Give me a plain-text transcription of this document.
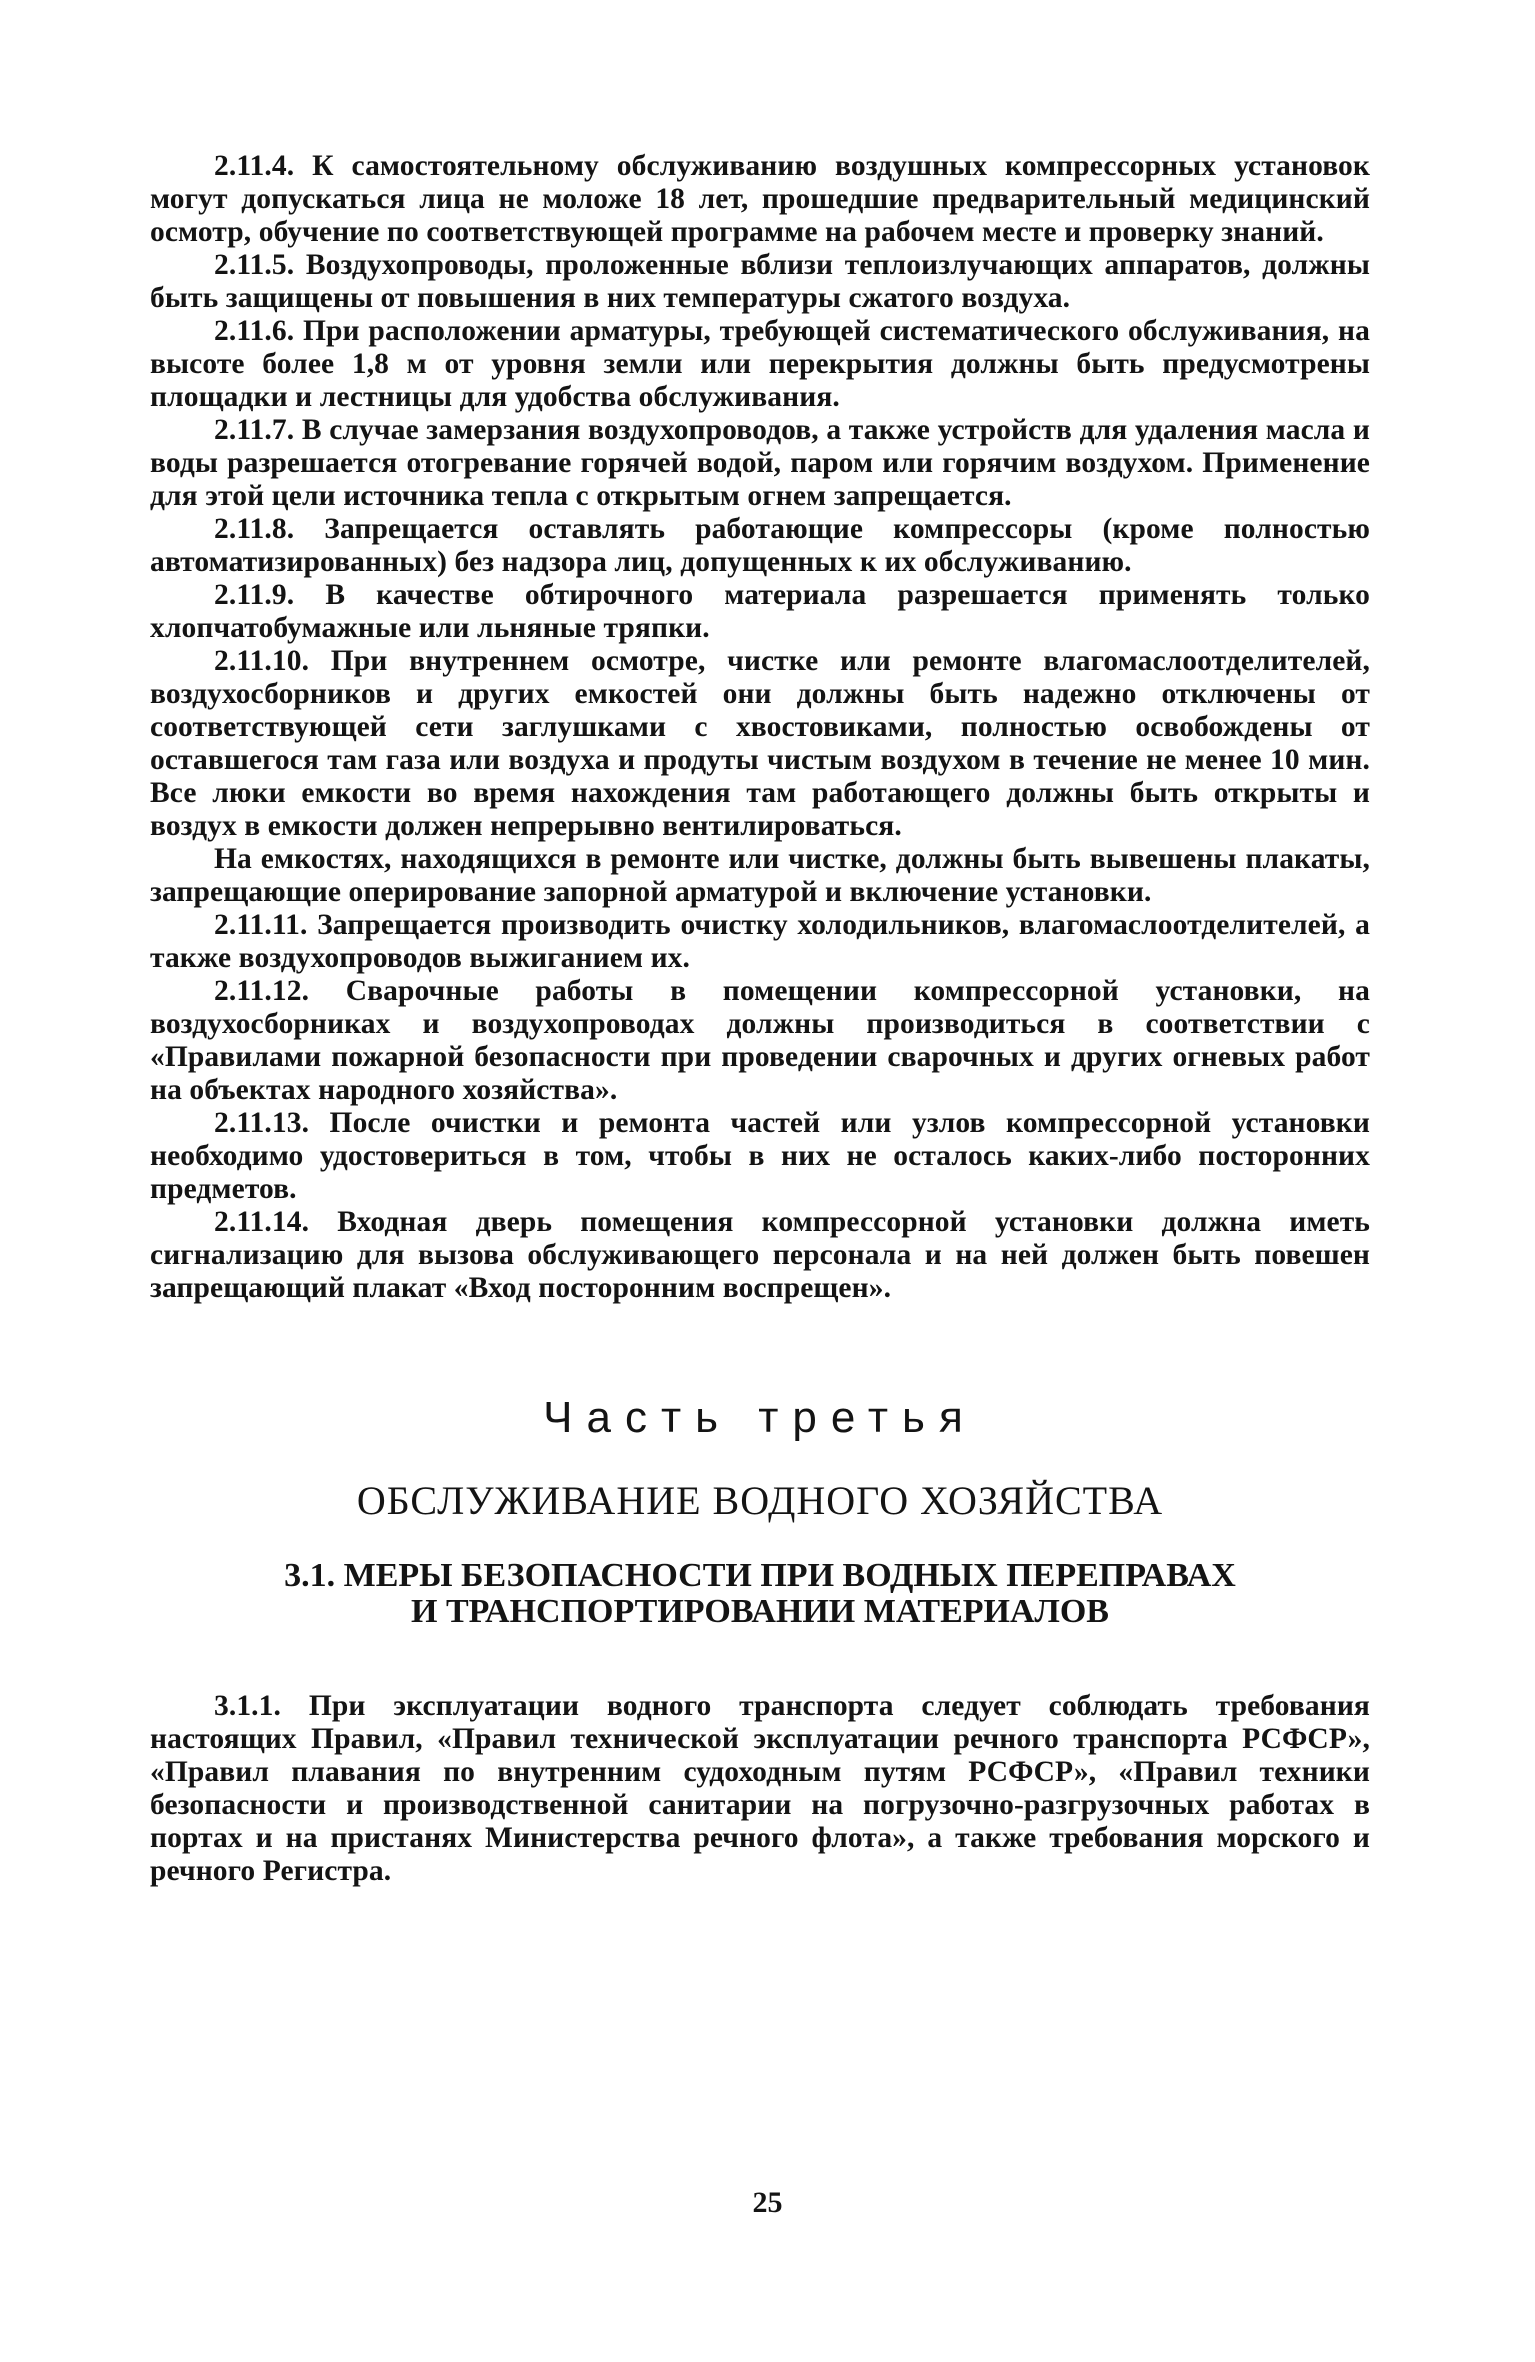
2.11.4. К самостоятельному обслуживанию воздушных компрессорных установок могут допускаться лица не моложе 18 лет, прошедшие предварительный медицинский осмотр, обучение по соответствующей программе на рабочем месте и проверку знаний.

2.11.5. Воздухопроводы, проложенные вблизи теплоизлучающих аппаратов, должны быть защищены от повышения в них температуры сжатого воздуха.

2.11.6. При расположении арматуры, требующей систематического обслуживания, на высоте более 1,8 м от уровня земли или перекрытия должны быть предусмотрены площадки и лестницы для удобства обслуживания.

2.11.7. В случае замерзания воздухопроводов, а также устройств для удаления масла и воды разрешается отогревание горячей водой, паром или горячим воздухом. Применение для этой цели источника тепла с открытым огнем запрещается.

2.11.8. Запрещается оставлять работающие компрессоры (кроме полностью автоматизированных) без надзора лиц, допущенных к их обслуживанию.

2.11.9. В качестве обтирочного материала разрешается применять только хлопчатобумажные или льняные тряпки.

2.11.10. При внутреннем осмотре, чистке или ремонте влагомаслоотделителей, воздухосборников и других емкостей они должны быть надежно отключены от соответствующей сети заглушками с хвостовиками, полностью освобождены от оставшегося там газа или воздуха и продуты чистым воздухом в течение не менее 10 мин. Все люки емкости во время нахождения там работающего должны быть открыты и воздух в емкости должен непрерывно вентилироваться.

На емкостях, находящихся в ремонте или чистке, должны быть вывешены плакаты, запрещающие оперирование запорной арматурой и включение установки.

2.11.11. Запрещается производить очистку холодильников, влагомаслоотделителей, а также воздухопроводов выжиганием их.

2.11.12. Сварочные работы в помещении компрессорной установки, на воздухосборниках и воздухопроводах должны производиться в соответствии с «Правилами пожарной безопасности при проведении сварочных и других огневых работ на объектах народного хозяйства».

2.11.13. После очистки и ремонта частей или узлов компрессорной установки необходимо удостовериться в том, чтобы в них не осталось каких-либо посторонних предметов.

2.11.14. Входная дверь помещения компрессорной установки должна иметь сигнализацию для вызова обслуживающего персонала и на ней должен быть повешен запрещающий плакат «Вход посторонним воспрещен».

Часть третья
ОБСЛУЖИВАНИЕ ВОДНОГО ХОЗЯЙСТВА
3.1. МЕРЫ БЕЗОПАСНОСТИ ПРИ ВОДНЫХ ПЕРЕПРАВАХ
И ТРАНСПОРТИРОВАНИИ МАТЕРИАЛОВ

3.1.1. При эксплуатации водного транспорта следует соблюдать требования настоящих Правил, «Правил технической эксплуатации речного транспорта РСФСР», «Правил плавания по внутренним судоходным путям РСФСР», «Правил техники безопасности и производственной санитарии на погрузочно-разгрузочных работах в портах и на пристанях Министерства речного флота», а также требования морского и речного Регистра.

25
